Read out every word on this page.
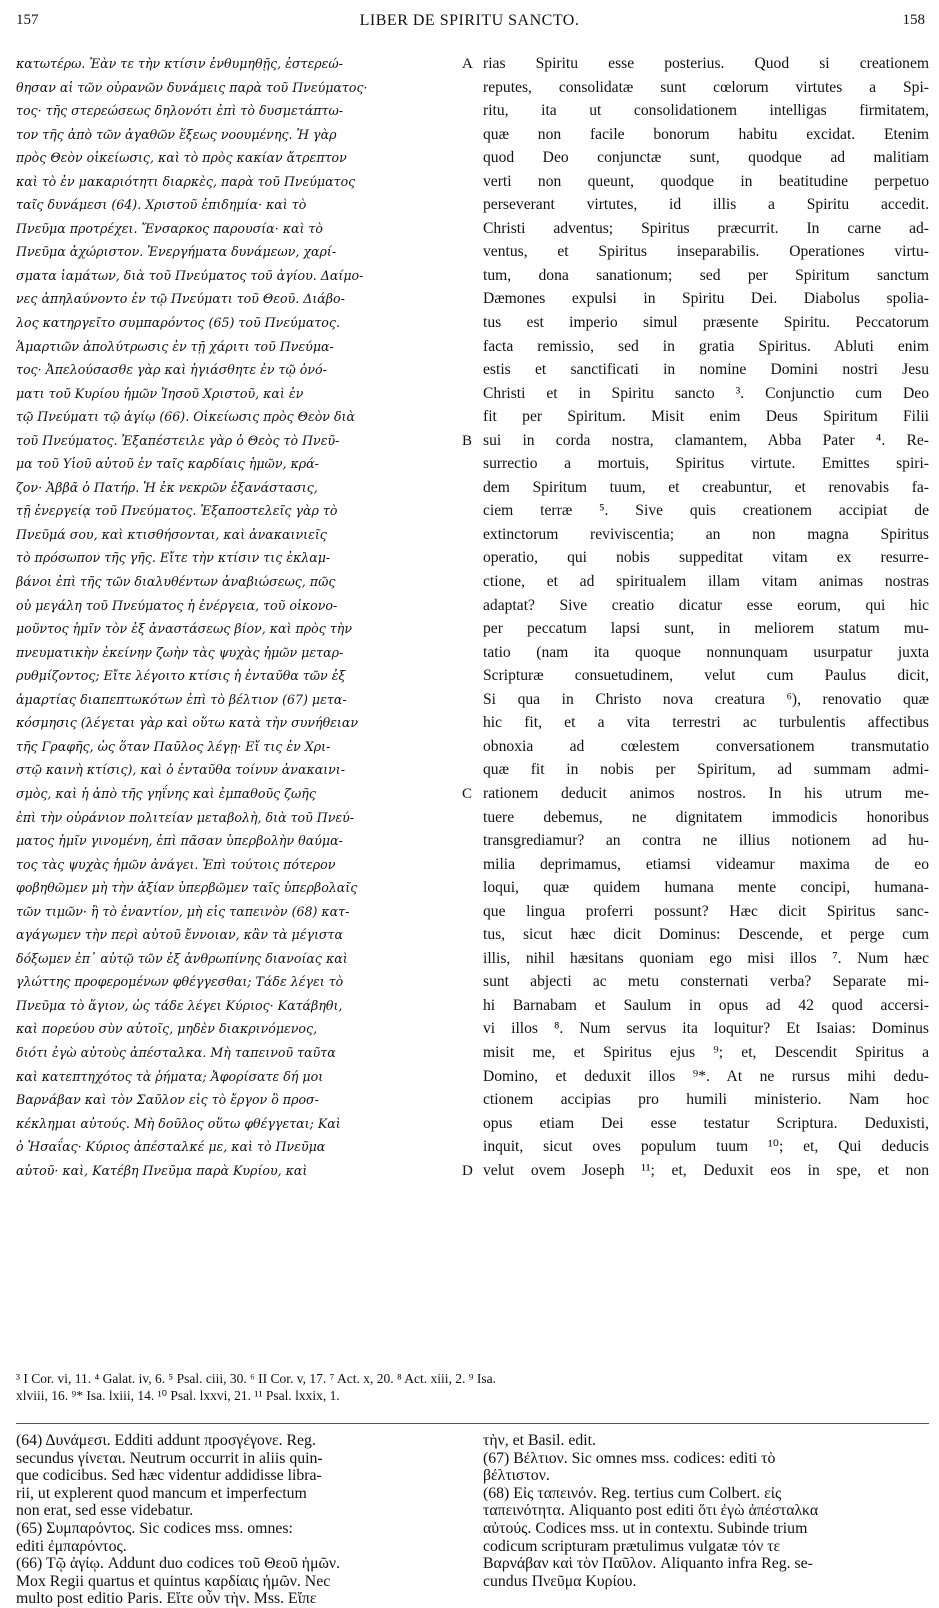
157	LIBER DE SPIRITU SANCTO.	158
κατωτέρω. Ἐὰν τε τὴν κτίσιν ἐνθυμηθῇς, ἐστερεώ-
θησαν αἱ τῶν οὐρανῶν δυνάμεις παρὰ τοῦ Πνεύματος·
τος· τῆς στερεώσεως δηλονότι ἐπὶ τὸ δυσμετάπτω-
τον τῆς ἀπὸ τῶν ἀγαθῶν ἕξεως νοουμένης. Ἡ γὰρ
πρὸς Θεὸν οἰκείωσις, καὶ τὸ πρὸς κακίαν ἄτρεπτον
καὶ τὸ ἐν μακαριότητι διαρκὲς, παρὰ τοῦ Πνεύματος
ταῖς δυνάμεσι (64). Χριστοῦ ἐπιδημία· καὶ τὸ
Πνεῦμα προτρέχει. Ἔνσαρκος παρουσία· καὶ τὸ
Πνεῦμα ἀχώριστον. Ἐνεργήματα δυνάμεων, χαρί-
σματα ἰαμάτων, διὰ τοῦ Πνεύματος τοῦ ἁγίου. Δαίμο-
νες ἀπηλαύνοντο ἐν τῷ Πνεύματι τοῦ Θεοῦ. Διάβο-
λος κατηργεῖτο συμπαρόντος (65) τοῦ Πνεύματος.
Ἁμαρτιῶν ἀπολύτρωσις ἐν τῇ χάριτι τοῦ Πνεύμα-
τος· Ἀπελούσασθε γὰρ καὶ ἡγιάσθητε ἐν τῷ ὀνό-
ματι τοῦ Κυρίου ἡμῶν Ἰησοῦ Χριστοῦ, καὶ ἐν
τῷ Πνεύματι τῷ ἁγίῳ (66). Οἰκείωσις πρὸς Θεὸν διὰ
τοῦ Πνεύματος. Ἐξαπέστειλε γὰρ ὁ Θεὸς τὸ Πνεῦ-
μα τοῦ Υἱοῦ αὐτοῦ ἐν ταῖς καρδίαις ἡμῶν, κρά-
ζον· Ἀββᾶ ὁ Πατήρ. Ἡ ἐκ νεκρῶν ἐξανάστασις,
τῇ ἐνεργείᾳ τοῦ Πνεύματος. Ἐξαποστελεῖς γὰρ τὸ
Πνεῦμά σου, καὶ κτισθήσονται, καὶ ἀνακαινιεῖς
τὸ πρόσωπον τῆς γῆς. Εἴτε τὴν κτίσιν τις ἐκλαμ-
βάνοι ἐπὶ τῆς τῶν διαλυθέντων ἀναβιώσεως, πῶς
οὐ μεγάλη τοῦ Πνεύματος ἡ ἐνέργεια, τοῦ οἰκονο-
μοῦντος ἡμῖν τὸν ἐξ ἀναστάσεως βίον, καὶ πρὸς τὴν
πνευματικὴν ἐκείνην ζωὴν τὰς ψυχὰς ἡμῶν μεταρ-
ρυθμίζοντος; Εἴτε λέγοιτο κτίσις ἡ ἐνταῦθα τῶν ἐξ
ἁμαρτίας διαπεπτωκότων ἐπὶ τὸ βέλτιον (67) μετα-
κόσμησις (λέγεται γὰρ καὶ οὕτω κατὰ τὴν συνήθειαν
τῆς Γραφῆς, ὡς ὅταν Παῦλος λέγῃ· Εἴ τις ἐν Χρι-
στῷ καινὴ κτίσις), καὶ ὁ ἐνταῦθα τοίνυν ἀνακαινι-
σμὸς, καὶ ἡ ἀπὸ τῆς γηΐνης καὶ ἐμπαθοῦς ζωῆς
ἐπὶ τὴν οὐράνιον πολιτείαν μεταβολὴ, διὰ τοῦ Πνεύ-
ματος ἡμῖν γινομένη, ἐπὶ πᾶσαν ὑπερβολὴν θαύμα-
τος τὰς ψυχὰς ἡμῶν ἀνάγει. Ἐπὶ τούτοις πότερον
φοβηθῶμεν μὴ τὴν ἀξίαν ὑπερβῶμεν ταῖς ὑπερβολαῖς
τῶν τιμῶν· ἢ τὸ ἐναντίον, μὴ εἰς ταπεινὸν (68) κατ-
αγάγωμεν τὴν περὶ αὐτοῦ ἔννοιαν, κἂν τὰ μέγιστα
δόξωμεν ἐπ᾽ αὐτῷ τῶν ἐξ ἀνθρωπίνης διανοίας καὶ
γλώττης προφερομένων φθέγγεσθαι; Τάδε λέγει τὸ
Πνεῦμα τὸ ἅγιον, ὡς τάδε λέγει Κύριος· Κατάβηθι,
καὶ πορεύου σὺν αὐτοῖς, μηδὲν διακρινόμενος,
διότι ἐγὼ αὐτοὺς ἀπέσταλκα. Μὴ ταπεινοῦ ταῦτα
καὶ κατεπτηχότος τὰ ῥήματα; Ἀφορίσατε δή μοι
Βαρνάβαν καὶ τὸν Σαῦλον εἰς τὸ ἔργον ὃ προσ-
κέκλημαι αὐτούς. Μὴ δοῦλος οὕτω φθέγγεται; Καὶ
ὁ Ἡσαΐας· Κύριος ἀπέσταλκέ με, καὶ τὸ Πνεῦμα
αὐτοῦ· καὶ, Κατέβη Πνεῦμα παρὰ Κυρίου, καὶ
rias Spiritu esse posterius. Quod si creationem
reputes, consolidatæ sunt cœlorum virtutes a Spi-
ritu, ita ut consolidationem intelligas firmitatem,
quæ non facile bonorum habitu excidat. Etenim
quod Deo conjunctæ sunt, quodque ad malitiam
verti non queunt, quodque in beatitudine perpetuo
perseverant virtutes, id illis a Spiritu accedit.
Christi adventus; Spiritus præcurrit. In carne ad-
ventus, et Spiritus inseparabilis. Operationes virtu-
tum, dona sanationum; sed per Spiritum sanctum
Dæmones expulsi in Spiritu Dei. Diabolus spolia-
tus est imperio simul præsente Spiritu. Peccatorum
facta remissio, sed in gratia Spiritus. Abluti enim
estis et sanctificati in nomine Domini nostri Jesu
Christi et in Spiritu sancto ³. Conjunctio cum Deo
fit per Spiritum. Misit enim Deus Spiritum Filii
sui in corda nostra, clamantem, Abba Pater ⁴. Re-
surrectio a mortuis, Spiritus virtute. Emittes spiri-
dem Spiritum tuum, et creabuntur, et renovabis fa-
ciem terræ ⁵. Sive quis creationem accipiat de
extinctorum reviviscentia; an non magna Spiritus
operatio, qui nobis suppeditat vitam ex resurre-
ctione, et ad spiritualem illam vitam animas nostras
adaptat? Sive creatio dicatur esse eorum, qui hic
per peccatum lapsi sunt, in meliorem statum mu-
tatio (nam ita quoque nonnunquam usurpatur juxta
Scripturæ consuetudinem, velut cum Paulus dicit,
Si qua in Christo nova creatura ⁶), renovatio quæ
hic fit, et a vita terrestri ac turbulentis affectibus
obnoxia ad cœlestem conversationem transmutatio
quæ fit in nobis per Spiritum, ad summam admi-
rationem deducit animos nostros. In his utrum me-
tuere debemus, ne dignitatem immodicis honoribus
transgrediamur? an contra ne illius notionem ad hu-
milia deprimamus, etiamsi videamur maxima de eo
loqui, quæ quidem humana mente concipi, humana-
que lingua proferri possunt? Hæc dicit Spiritus sanc-
tus, sicut hæc dicit Dominus: Descende, et perge cum
illis, nihil hæsitans quoniam ego misi illos ⁷. Num hæc
sunt abjecti ac metu consternati verba? Separate mi-
hi Barnabam et Saulum in opus ad 42 quod accersi-
vi illos ⁸. Num servus ita loquitur? Et Isaias: Dominus
misit me, et Spiritus ejus ⁹; et, Descendit Spiritus a
Domino, et deduxit illos ⁹*. At ne rursus mihi dedu-
ctionem accipias pro humili ministerio. Nam hoc
opus etiam Dei esse testatur Scriptura. Deduxisti,
inquit, sicut oves populum tuum ¹⁰; et, Qui deducis
velut ovem Joseph ¹¹; et, Deduxit eos in spe, et non
A
B
C
D
³ I Cor. vi, 11. ⁴ Galat. iv, 6. ⁵ Psal. ciii, 30. ⁶ II Cor. v, 17. ⁷ Act. x, 20. ⁸ Act. xiii, 2. ⁹ Isa.
xlviii, 16. ⁹* Isa. lxiii, 14. ¹⁰ Psal. lxxvi, 21. ¹¹ Psal. lxxix, 1.
(64) Δυνάμεσι. Edditi addunt προσγέγονε. Reg.
secundus γίνεται. Neutrum occurrit in aliis quin-
que codicibus. Sed hæc videntur addidisse libra-
rii, ut explerent quod mancum et imperfectum
non erat, sed esse videbatur.
(65) Συμπαρόντος. Sic codices mss. omnes:
editi ἐμπαρόντος.
(66) Τῷ ἁγίῳ. Addunt duo codices τοῦ Θεοῦ ἡμῶν.
Mox Regii quartus et quintus καρδίαις ἡμῶν. Nec
multo post editio Paris. Εἴτε οὖν τὴν. Mss. Εἴπε
τὴν, et Basil. edit.
(67) Βέλτιον. Sic omnes mss. codices: editi τὸ
βέλτιστον.
(68) Εἰς ταπεινόν. Reg. tertius cum Colbert. εἰς
ταπεινότητα. Aliquanto post editi ὅτι ἐγὼ ἀπέσταλκα
αὐτούς. Codices mss. ut in contextu. Subinde trium
codicum scripturam prætulimus vulgatæ τόν τε
Βαρνάβαν καὶ τὸν Παῦλον. Aliquanto infra Reg. se-
cundus Πνεῦμα Κυρίου.
